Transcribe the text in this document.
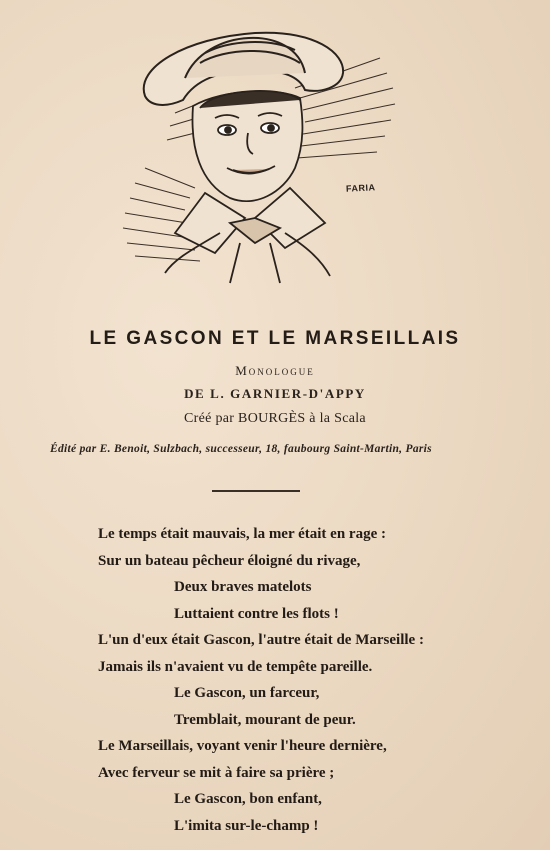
FARIA
LE GASCON ET LE MARSEILLAIS
Monologue
DE L. GARNIER-D'APPY
Créé par BOURGÈS à la Scala
Édité par E. Benoit, Sulzbach, successeur, 18, faubourg Saint-Martin, Paris
Le temps était mauvais, la mer était en rage :
Sur un bateau pêcheur éloigné du rivage,
Deux braves matelots
Luttaient contre les flots !
L'un d'eux était Gascon, l'autre était de Marseille :
Jamais ils n'avaient vu de tempête pareille.
Le Gascon, un farceur,
Tremblait, mourant de peur.
Le Marseillais, voyant venir l'heure dernière,
Avec ferveur se mit à faire sa prière ;
Le Gascon, bon enfant,
L'imita sur-le-champ !
